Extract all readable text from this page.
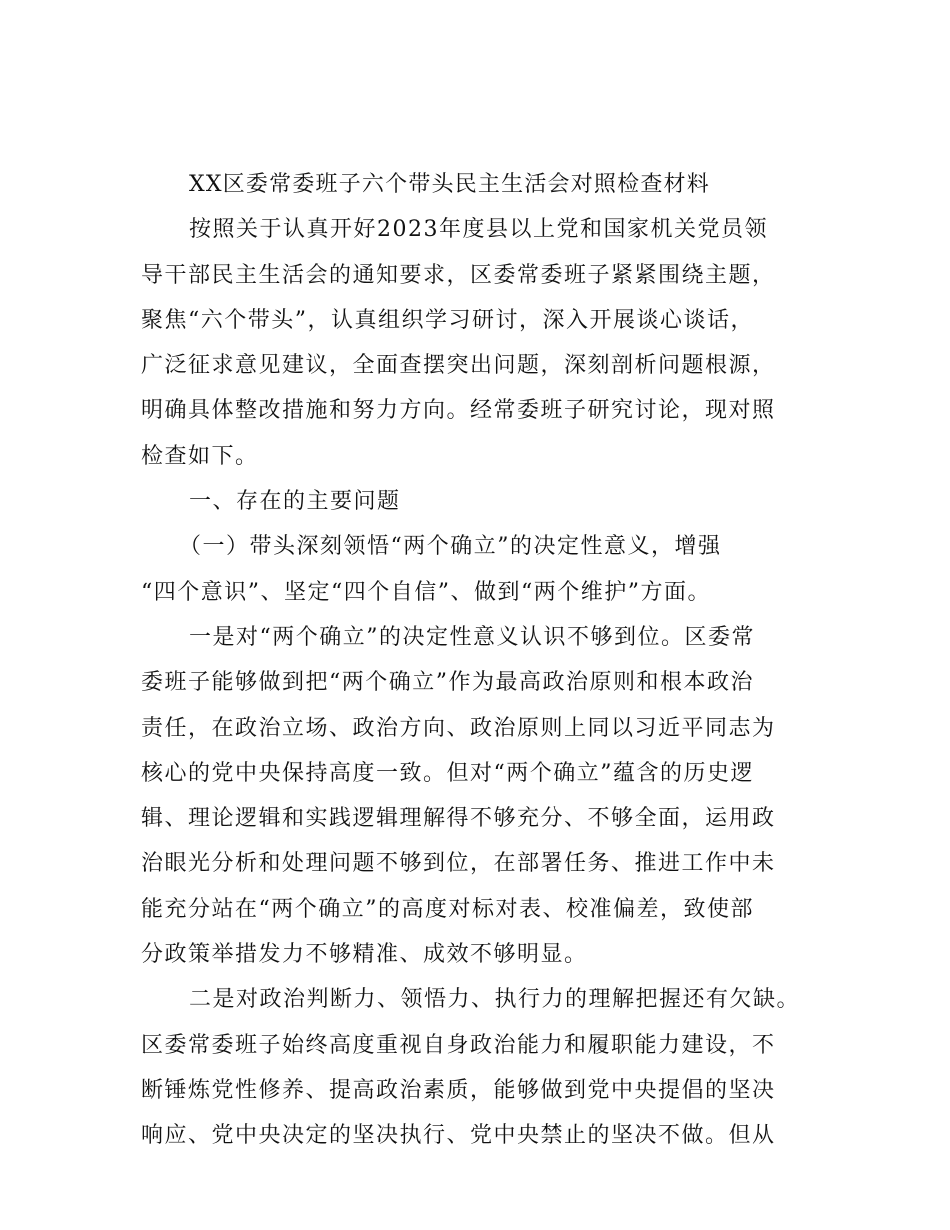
XX区委常委班子六个带头民主生活会对照检查材料
按照关于认真开好2023年度县以上党和国家机关党员领
导干部民主生活会的通知要求，区委常委班子紧紧围绕主题，
聚焦“六个带头”，认真组织学习研讨，深入开展谈心谈话，
广泛征求意见建议，全面查摆突出问题，深刻剖析问题根源，
明确具体整改措施和努力方向。经常委班子研究讨论，现对照
检查如下。
一、存在的主要问题
（一）带头深刻领悟“两个确立”的决定性意义，增强
“四个意识”、坚定“四个自信”、做到“两个维护”方面。
一是对“两个确立”的决定性意义认识不够到位。区委常
委班子能够做到把“两个确立”作为最高政治原则和根本政治
责任，在政治立场、政治方向、政治原则上同以习近平同志为
核心的党中央保持高度一致。但对“两个确立”蕴含的历史逻
辑、理论逻辑和实践逻辑理解得不够充分、不够全面，运用政
治眼光分析和处理问题不够到位，在部署任务、推进工作中未
能充分站在“两个确立”的高度对标对表、校准偏差，致使部
分政策举措发力不够精准、成效不够明显。
二是对政治判断力、领悟力、执行力的理解把握还有欠缺。
区委常委班子始终高度重视自身政治能力和履职能力建设，不
断锤炼党性修养、提高政治素质，能够做到党中央提倡的坚决
响应、党中央决定的坚决执行、党中央禁止的坚决不做。但从
